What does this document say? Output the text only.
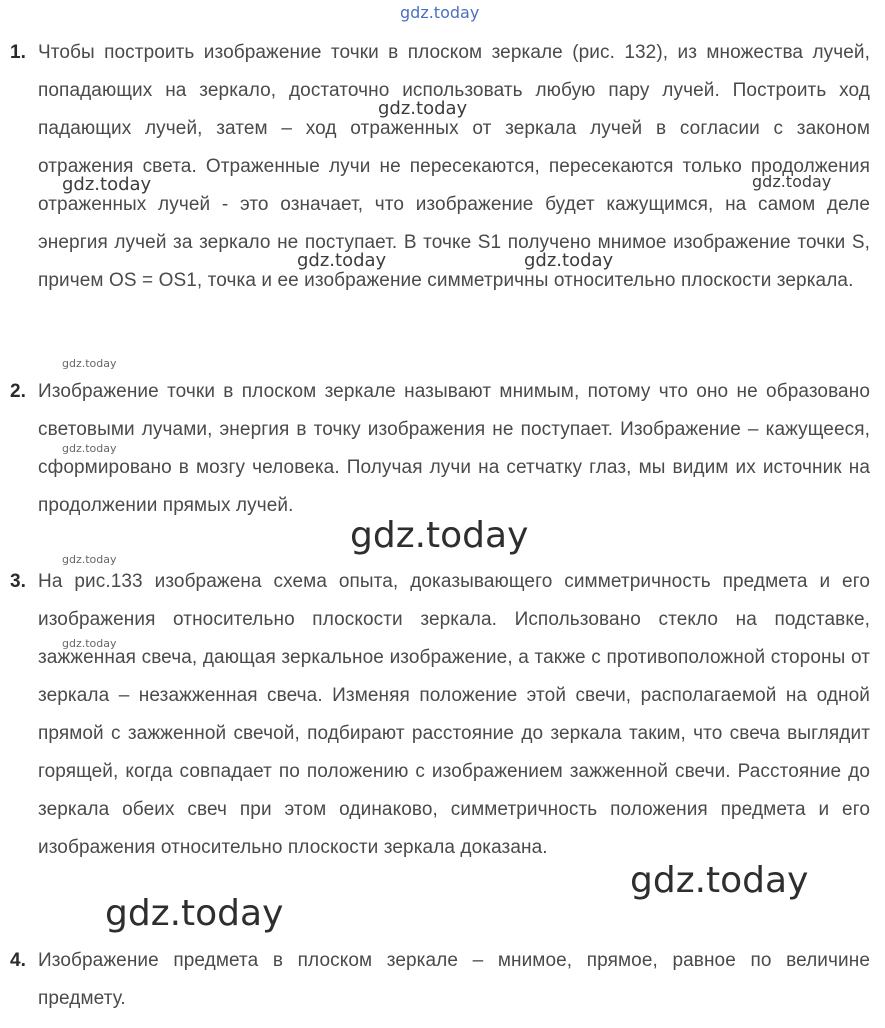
1. Чтобы построить изображение точки в плоском зеркале (рис. 132), из множества лучей, попадающих на зеркало, достаточно использовать любую пару лучей. Построить ход падающих лучей, затем – ход отраженных от зеркала лучей в согласии с законом отражения света. Отраженные лучи не пересекаются, пересекаются только продолжения отраженных лучей - это означает, что изображение будет кажущимся, на самом деле энергия лучей за зеркало не поступает. В точке S1 получено мнимое изображение точки S, причем OS = OS1, точка и ее изображение симметричны относительно плоскости зеркала.
2. Изображение точки в плоском зеркале называют мнимым, потому что оно не образовано световыми лучами, энергия в точку изображения не поступает. Изображение – кажущееся, сформировано в мозгу человека. Получая лучи на сетчатку глаз, мы видим их источник на продолжении прямых лучей.
3. На рис.133 изображена схема опыта, доказывающего симметричность предмета и его изображения относительно плоскости зеркала. Использовано стекло на подставке, зажженная свеча, дающая зеркальное изображение, а также с противоположной стороны от зеркала – незажженная свеча. Изменяя положение этой свечи, располагаемой на одной прямой с зажженной свечой, подбирают расстояние до зеркала таким, что свеча выглядит горящей, когда совпадает по положению с изображением зажженной свечи. Расстояние до зеркала обеих свеч при этом одинаково, симметричность положения предмета и его изображения относительно плоскости зеркала доказана.
4. Изображение предмета в плоском зеркале – мнимое, прямое, равное по величине предмету.
gdz.today
gdz.today
gdz.today	gdz.today
gdz.today	gdz.today
gdz.today
gdz.today
gdz.today
gdz.today
gdz.today
gdz.today
gdz.today
